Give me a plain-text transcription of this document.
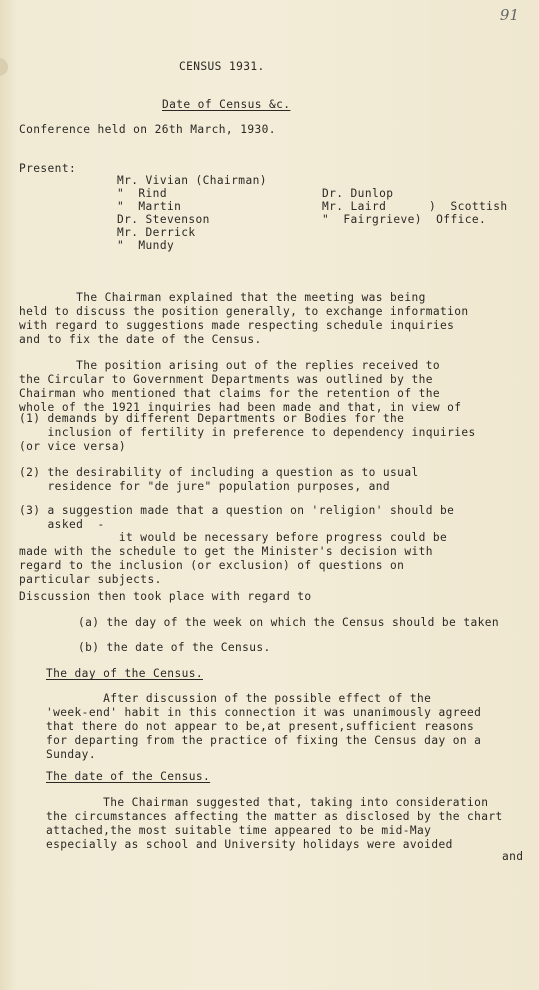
91
CENSUS 1931.
Date of Census &c.
Conference held on 26th March, 1930.
Present:
Mr. Vivian (Chairman)
"  Rind
"  Martin
Dr. Stevenson
Mr. Derrick
"  Mundy
Dr. Dunlop
Mr. Laird      )  Scottish
"  Fairgrieve)  Office.
The Chairman explained that the meeting was being
held to discuss the position generally, to exchange information
with regard to suggestions made respecting schedule inquiries
and to fix the date of the Census.
The position arising out of the replies received to
the Circular to Government Departments was outlined by the
Chairman who mentioned that claims for the retention of the
whole of the 1921 inquiries had been made and that, in view of
(1) demands by different Departments or Bodies for the
inclusion of fertility in preference to dependency inquiries
(or vice versa)
(2) the desirability of including a question as to usual
residence for "de jure" population purposes, and
(3) a suggestion made that a question on 'religion' should be
asked  -
it would be necessary before progress could be
made with the schedule to get the Minister's decision with
regard to the inclusion (or exclusion) of questions on
particular subjects.
Discussion then took place with regard to
(a) the day of the week on which the Census should be taken
(b) the date of the Census.
The day of the Census.
After discussion of the possible effect of the
'week-end' habit in this connection it was unanimously agreed
that there do not appear to be,at present,sufficient reasons
for departing from the practice of fixing the Census day on a
Sunday.
The date of the Census.
The Chairman suggested that, taking into consideration
the circumstances affecting the matter as disclosed by the chart
attached,the most suitable time appeared to be mid-May
especially as school and University holidays were avoided
and
